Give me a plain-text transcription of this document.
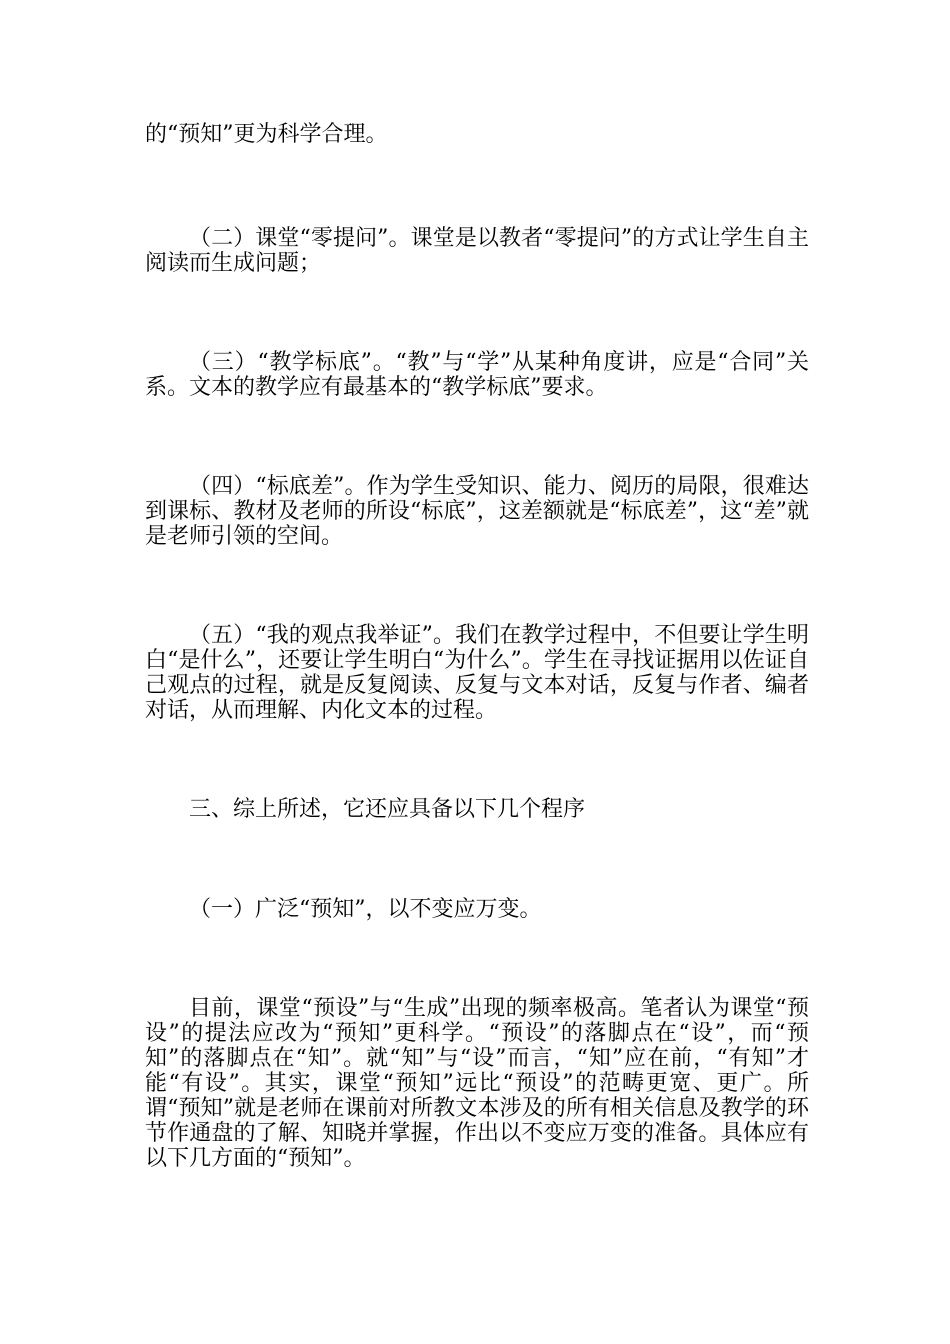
的“预知”更为科学合理。

（二）课堂“零提问”。课堂是以教者“零提问”的方式让学生自主阅读而生成问题；

（三）“教学标底”。“教”与“学”从某种角度讲，应是“合同”关系。文本的教学应有最基本的“教学标底”要求。

（四）“标底差”。作为学生受知识、能力、阅历的局限，很难达到课标、教材及老师的所设“标底”，这差额就是“标底差”，这“差”就是老师引领的空间。

（五）“我的观点我举证”。我们在教学过程中，不但要让学生明白“是什么”，还要让学生明白“为什么”。学生在寻找证据用以佐证自己观点的过程，就是反复阅读、反复与文本对话，反复与作者、编者对话，从而理解、内化文本的过程。

三、综上所述，它还应具备以下几个程序

（一）广泛“预知”，以不变应万变。

目前，课堂“预设”与“生成”出现的频率极高。笔者认为课堂“预设”的提法应改为“预知”更科学。“预设”的落脚点在“设”，而“预知”的落脚点在“知”。就“知”与“设”而言，“知”应在前，“有知”才能“有设”。其实，课堂“预知”远比“预设”的范畴更宽、更广。所谓“预知”就是老师在课前对所教文本涉及的所有相关信息及教学的环节作通盘的了解、知晓并掌握，作出以不变应万变的准备。具体应有以下几方面的“预知”。
